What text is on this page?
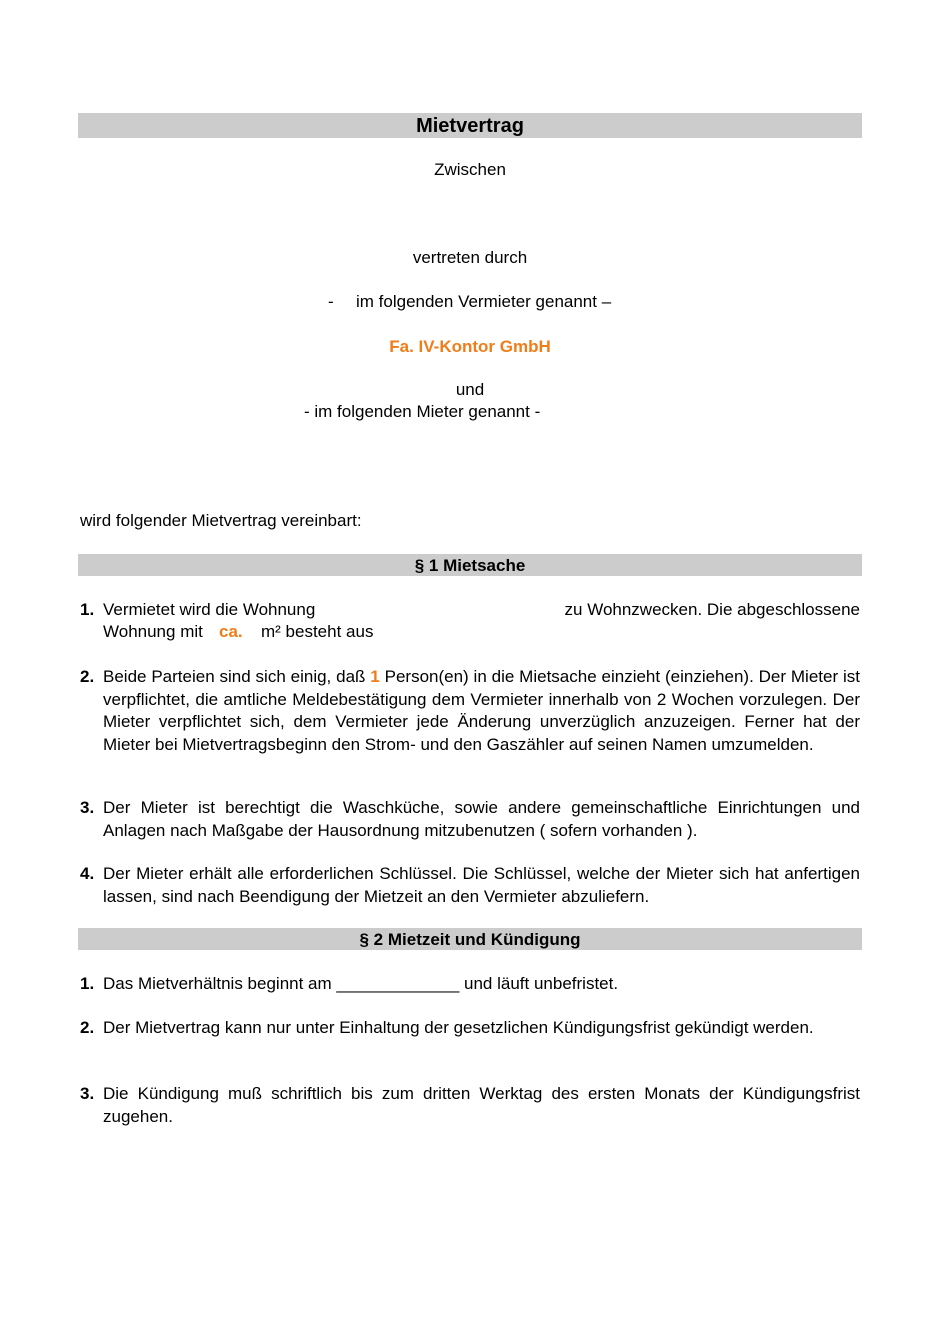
Mietvertrag
Zwischen
vertreten durch
- im folgenden Vermieter genannt –
Fa. IV-Kontor GmbH
und
- im folgenden Mieter genannt -
wird folgender Mietvertrag vereinbart:
§ 1 Mietsache
1. Vermietet wird die Wohnung	zu Wohnzwecken. Die abgeschlossene
Wohnung mit ca. m² besteht aus
2. Beide Parteien sind sich einig, daß 1 Person(en) in die Mietsache einzieht (einziehen). Der Mieter ist verpflichtet, die amtliche Meldebestätigung dem Vermieter innerhalb von 2 Wochen vorzulegen. Der Mieter verpflichtet sich, dem Vermieter jede Änderung unverzüglich anzuzeigen. Ferner hat der Mieter bei Mietvertragsbeginn den Strom- und den Gaszähler auf seinen Namen umzumelden.
3. Der Mieter ist berechtigt die Waschküche, sowie andere gemeinschaftliche Einrichtungen und Anlagen nach Maßgabe der Hausordnung mitzubenutzen ( sofern vorhanden ).
4. Der Mieter erhält alle erforderlichen Schlüssel. Die Schlüssel, welche der Mieter sich hat anfertigen lassen, sind nach Beendigung der Mietzeit an den Vermieter abzuliefern.
§ 2 Mietzeit und Kündigung
1. Das Mietverhältnis beginnt am _____________ und läuft unbefristet.
2. Der Mietvertrag kann nur unter Einhaltung der gesetzlichen Kündigungsfrist gekündigt werden.
3. Die Kündigung muß schriftlich bis zum dritten Werktag des ersten Monats der Kündigungsfrist zugehen.
